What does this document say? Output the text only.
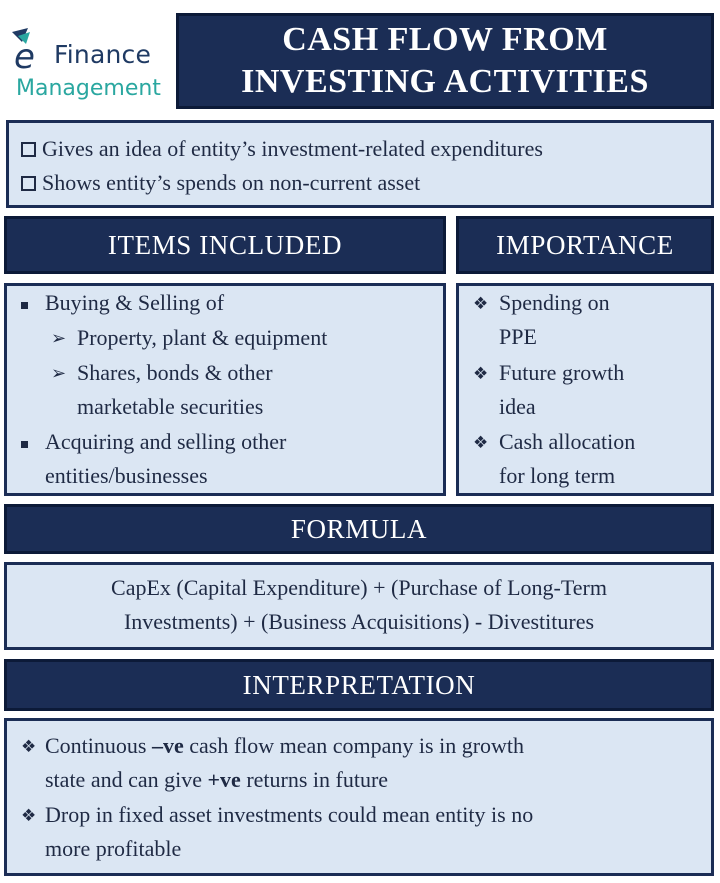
e Finance
Management
CASH FLOW FROM
INVESTING ACTIVITIES
Gives an idea of entity’s investment-related expenditures
Shows entity’s spends on non-current asset
ITEMS INCLUDED	IMPORTANCE
Buying & Selling of
➢ Property, plant & equipment
➢ Shares, bonds & other
marketable securities
Acquiring and selling other
entities/businesses
❖ Spending on
PPE
❖ Future growth
idea
❖ Cash allocation
for long term
FORMULA
CapEx (Capital Expenditure) + (Purchase of Long-Term
Investments) + (Business Acquisitions) - Divestitures
INTERPRETATION
❖ Continuous –ve cash flow mean company is in growth
state and can give +ve returns in future
❖ Drop in fixed asset investments could mean entity is no
more profitable
